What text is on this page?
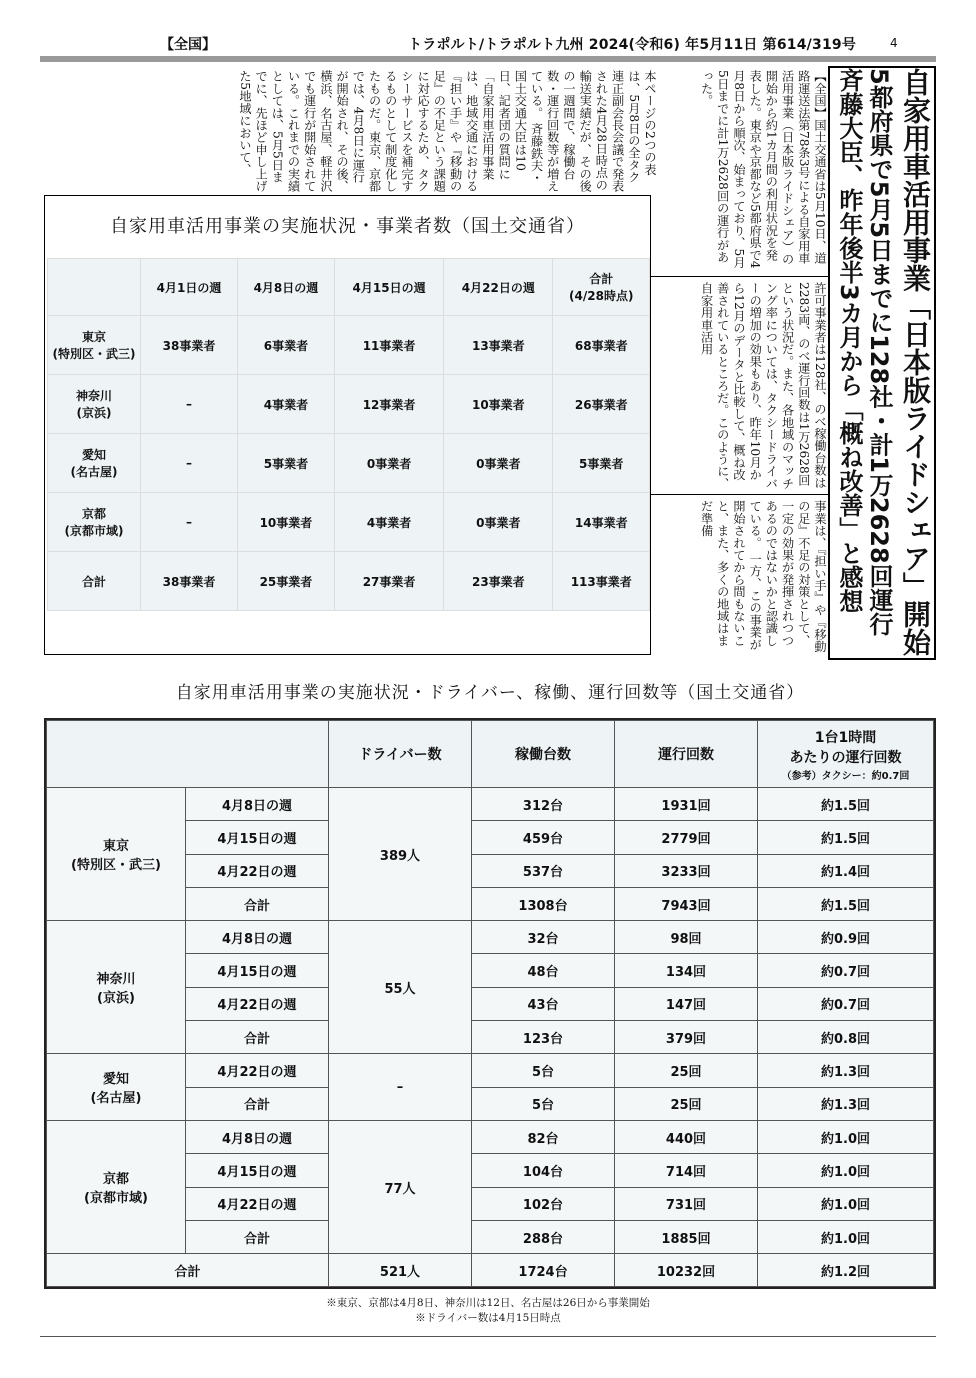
【全国】	トラポルト/トラポルト九州 2024(令和6) 年5月11日 第614/319号	4
自家用車活用事業「日本版ライドシェア」開始
5都府県で5月5日までに128社・計1万2628回運行 斉藤大臣、昨年後半3カ月から「概ね改善」と感想
【全国】国土交通省は5月10日、道路運送法第78条3号による自家用車活用事業（日本版ライドシェア）の開始から約1カ月間の利用状況を発表した。東京や京都など5都府県で4月8日から順次、始まっており、5月5日までに計1万2628回の運行があった。
許可事業者は128社、のべ稼働台数は2283両、のべ運行回数は1万2628回という状況だ。また、各地域のマッチング率については、タクシードライバーの増加の効果もあり、昨年10月から12月のデータと比較して、概ね改善されているところだ。このように、自家用車活用
事業は、『担い手』や『移動の足』不足の対策として、一定の効果が発揮されつつあるのではないかと認識している。 一方、この事業が開始されてから間もないこと、また、多くの地域はまだ準備
本ページの2つの表は、5月8日の全タク連正副会長会議で発表された4月28日時点の輸送実績だが、その後の一週間で、稼働台数・運行回数等が増えている。 斉藤鉄夫・国土交通大臣は10日、記者団の質問に「自家用車活用事業は、地域交通における『担い手』や『移動の足』の不足という課題に対応するため、タクシーサービスを補完するものとして制度化したものだ。東京、京都では、4月8日に運行が開始され、その後、横浜、名古屋、軽井沢でも運行が開始されている。これまでの実績としては、5月5日までに、先ほど申し上げた5地域において、
自家用車活用事業の実施状況・事業者数（国土交通省）
	4月1日の週	4月8日の週	4月15日の週	4月22日の週	合計
(4/28時点)
東京
(特別区・武三)	38事業者	6事業者	11事業者	13事業者	68事業者
神奈川
(京浜)	–	4事業者	12事業者	10事業者	26事業者
愛知
(名古屋)	–	5事業者	0事業者	0事業者	5事業者
京都
(京都市域)	–	10事業者	4事業者	0事業者	14事業者
合計	38事業者	25事業者	27事業者	23事業者	113事業者
自家用車活用事業の実施状況・ドライバー、稼働、運行回数等（国土交通省）
		ドライバー数	稼働台数	運行回数	1台1時間
あたりの運行回数
（参考）タクシー：約0.7回

東京
(特別区・武三)	4月8日の週	389人	312台	1931回	約1.5回
	4月15日の週		459台	2779回	約1.5回
	4月22日の週		537台	3233回	約1.4回
	合計		1308台	7943回	約1.5回
神奈川
(京浜)	4月8日の週	55人	32台	98回	約0.9回
	4月15日の週		48台	134回	約0.7回
	4月22日の週		43台	147回	約0.7回
	合計		123台	379回	約0.8回
愛知
(名古屋)	4月22日の週	–	5台	25回	約1.3回
	合計		5台	25回	約1.3回
京都
(京都市域)	4月8日の週	77人	82台	440回	約1.0回
	4月15日の週		104台	714回	約1.0回
	4月22日の週		102台	731回	約1.0回
	合計		288台	1885回	約1.0回
合計		521人	1724台	10232回	約1.2回
※東京、京都は4月8日、神奈川は12日、名古屋は26日から事業開始
※ドライバー数は4月15日時点
